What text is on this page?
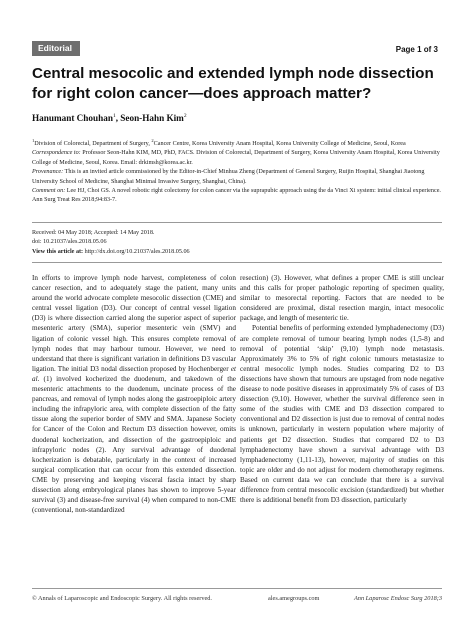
Editorial	Page 1 of 3
Central mesocolic and extended lymph node dissection for right colon cancer—does approach matter?
Hanumant Chouhan$^1$, Seon-Hahn Kim$^2$

$^1$Division of Colorectal, Department of Surgery, $^2$Cancer Centre, Korea University Anam Hospital, Korea University College of Medicine, Seoul, Korea

Correspondence to: Professor Seon-Hahn KIM, MD, PhD, FACS. Division of Colorectal, Department of Surgery, Korea University Anam Hospital, Korea University College of Medicine, Seoul, Korea. Email: drkimsh@korea.ac.kr.

Provenance: This is an invited article commissioned by the Editor-in-Chief Minhua Zheng (Department of General Surgery, Ruijin Hospital, Shanghai Jiaotong University School of Medicine, Shanghai Minimal Invasive Surgery, Shanghai, China).

Comment on: Lee HJ, Choi GS. A novel robotic right colectomy for colon cancer via the suprapubic approach using the da Vinci Xi system: initial clinical experience. Ann Surg Treat Res 2018;94:83-7.

Received: 04 May 2018; Accepted: 14 May 2018.

doi: 10.21037/ales.2018.05.06

View this article at: http://dx.doi.org/10.21037/ales.2018.05.06

In efforts to improve lymph node harvest, completeness of colon cancer resection, and to adequately stage the patient, many units around the world advocate complete mesocolic dissection (CME) and central vessel ligation (D3). Our concept of central vessel ligation (D3) is where dissection carried along the superior aspect of superior mesenteric artery (SMA), superior mesenteric vein (SMV) and ligation of colonic vessel high. This ensures complete removal of lymph nodes that may harbour tumour. However, we need to understand that there is significant variation in definitions D3 vascular ligation. The initial D3 nodal dissection proposed by Hochenberger et al. (1) involved kocherized the duodenum, and takedown of the mesenteric attachments to the duodenum, uncinate process of the pancreas, and removal of lymph nodes along the gastroepiploic artery including the infrapyloric area, with complete dissection of the fatty tissue along the superior border of SMV and SMA. Japanese Society for Cancer of the Colon and Rectum D3 dissection however, omits duodenal kocherization, and dissection of the gastroepiploic and infrapyloric nodes (2). Any survival advantage of duodenal kocherization is debatable, particularly in the context of increased surgical complication that can occur from this extended dissection. CME by preserving and keeping visceral fascia intact by sharp dissection along embryological planes has shown to improve 5-year survival (3) and disease-free survival (4) when compared to non-CME (conventional, non-standardized

resection) (3). However, what defines a proper CME is still unclear and this calls for proper pathologic reporting of specimen quality, similar to mesorectal reporting. Factors that are needed to be considered are proximal, distal resection margin, intact mesocolic package, and length of mesenteric tie.

Potential benefits of performing extended lymphadenectomy (D3) are complete removal of tumour bearing lymph nodes (1,5-8) and removal of potential ‘skip’ (9,10) lymph node metastasis. Approximately 3% to 5% of right colonic tumours metastasize to central mesocolic lymph nodes. Studies comparing D2 to D3 dissections have shown that tumours are upstaged from node negative disease to node positive diseases in approximately 5% of cases of D3 dissection (9,10). However, whether the survival difference seen in some of the studies with CME and D3 dissection compared to conventional and D2 dissection is just due to removal of central nodes is unknown, particularly in western population where majority of patients get D2 dissection. Studies that compared D2 to D3 lymphadenectomy have shown a survival advantage with D3 lymphadenectomy (1,11-13), however, majority of studies on this topic are older and do not adjust for modern chemotherapy regimens. Based on current data we can conclude that there is a survival difference from central mesocolic excision (standardized) but whether there is additional benefit from D3 dissection, particularly

© Annals of Laparoscopic and Endoscopic Surgery. All rights reserved.	ales.amegroups.com	Ann Laparosc Endosc Surg 2018;3
